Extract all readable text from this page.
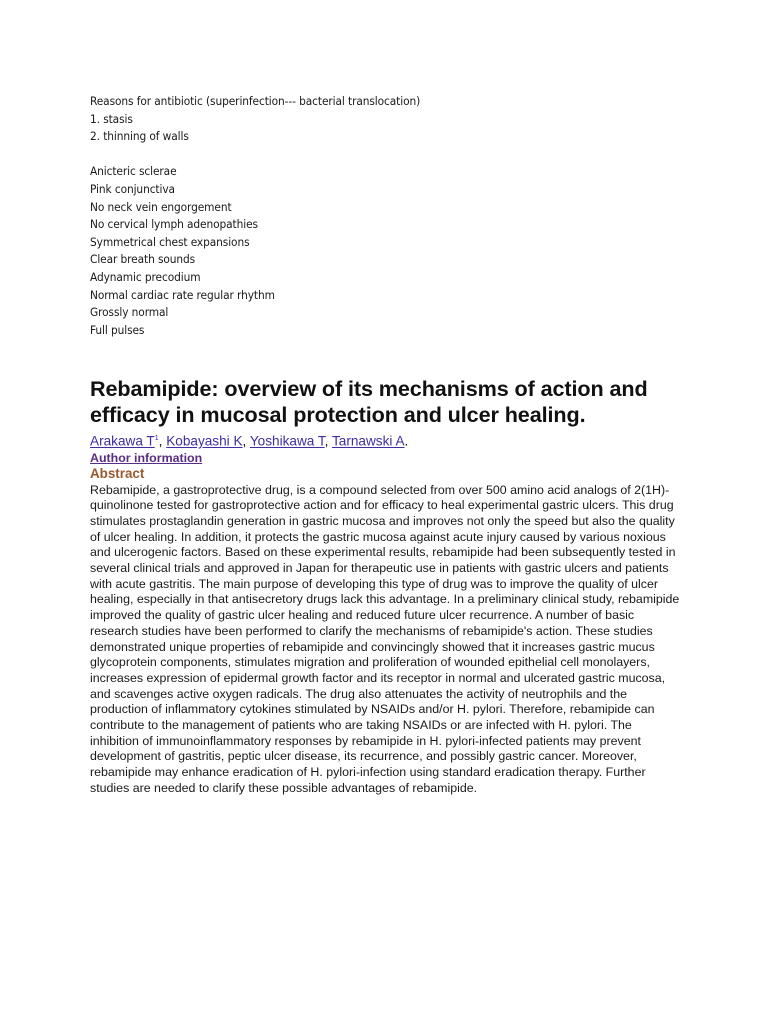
Reasons for antibiotic (superinfection--- bacterial translocation)
1. stasis
2. thinning of walls
Anicteric sclerae
Pink conjunctiva
No neck vein engorgement
No cervical lymph adenopathies
Symmetrical chest expansions
Clear breath sounds
Adynamic precodium
Normal cardiac rate regular rhythm
Grossly normal
Full pulses
Rebamipide: overview of its mechanisms of action and efficacy in mucosal protection and ulcer healing.
Arakawa $T^1$, Kobayashi K, Yoshikawa T, Tarnawski A.
Author information
Abstract

Rebamipide, a gastroprotective drug, is a compound selected from over 500 amino acid analogs of 2(1H)-quinolinone tested for gastroprotective action and for efficacy to heal experimental gastric ulcers. This drug stimulates prostaglandin generation in gastric mucosa and improves not only the speed but also the quality of ulcer healing. In addition, it protects the gastric mucosa against acute injury caused by various noxious and ulcerogenic factors. Based on these experimental results, rebamipide had been subsequently tested in several clinical trials and approved in Japan for therapeutic use in patients with gastric ulcers and patients with acute gastritis. The main purpose of developing this type of drug was to improve the quality of ulcer healing, especially in that antisecretory drugs lack this advantage. In a preliminary clinical study, rebamipide improved the quality of gastric ulcer healing and reduced future ulcer recurrence. A number of basic research studies have been performed to clarify the mechanisms of rebamipide's action. These studies demonstrated unique properties of rebamipide and convincingly showed that it increases gastric mucus glycoprotein components, stimulates migration and proliferation of wounded epithelial cell monolayers, increases expression of epidermal growth factor and its receptor in normal and ulcerated gastric mucosa, and scavenges active oxygen radicals. The drug also attenuates the activity of neutrophils and the production of inflammatory cytokines stimulated by NSAIDs and/or H. pylori. Therefore, rebamipide can contribute to the management of patients who are taking NSAIDs or are infected with H. pylori. The inhibition of immunoinflammatory responses by rebamipide in H. pylori-infected patients may prevent development of gastritis, peptic ulcer disease, its recurrence, and possibly gastric cancer. Moreover, rebamipide may enhance eradication of H. pylori-infection using standard eradication therapy. Further studies are needed to clarify these possible advantages of rebamipide.
